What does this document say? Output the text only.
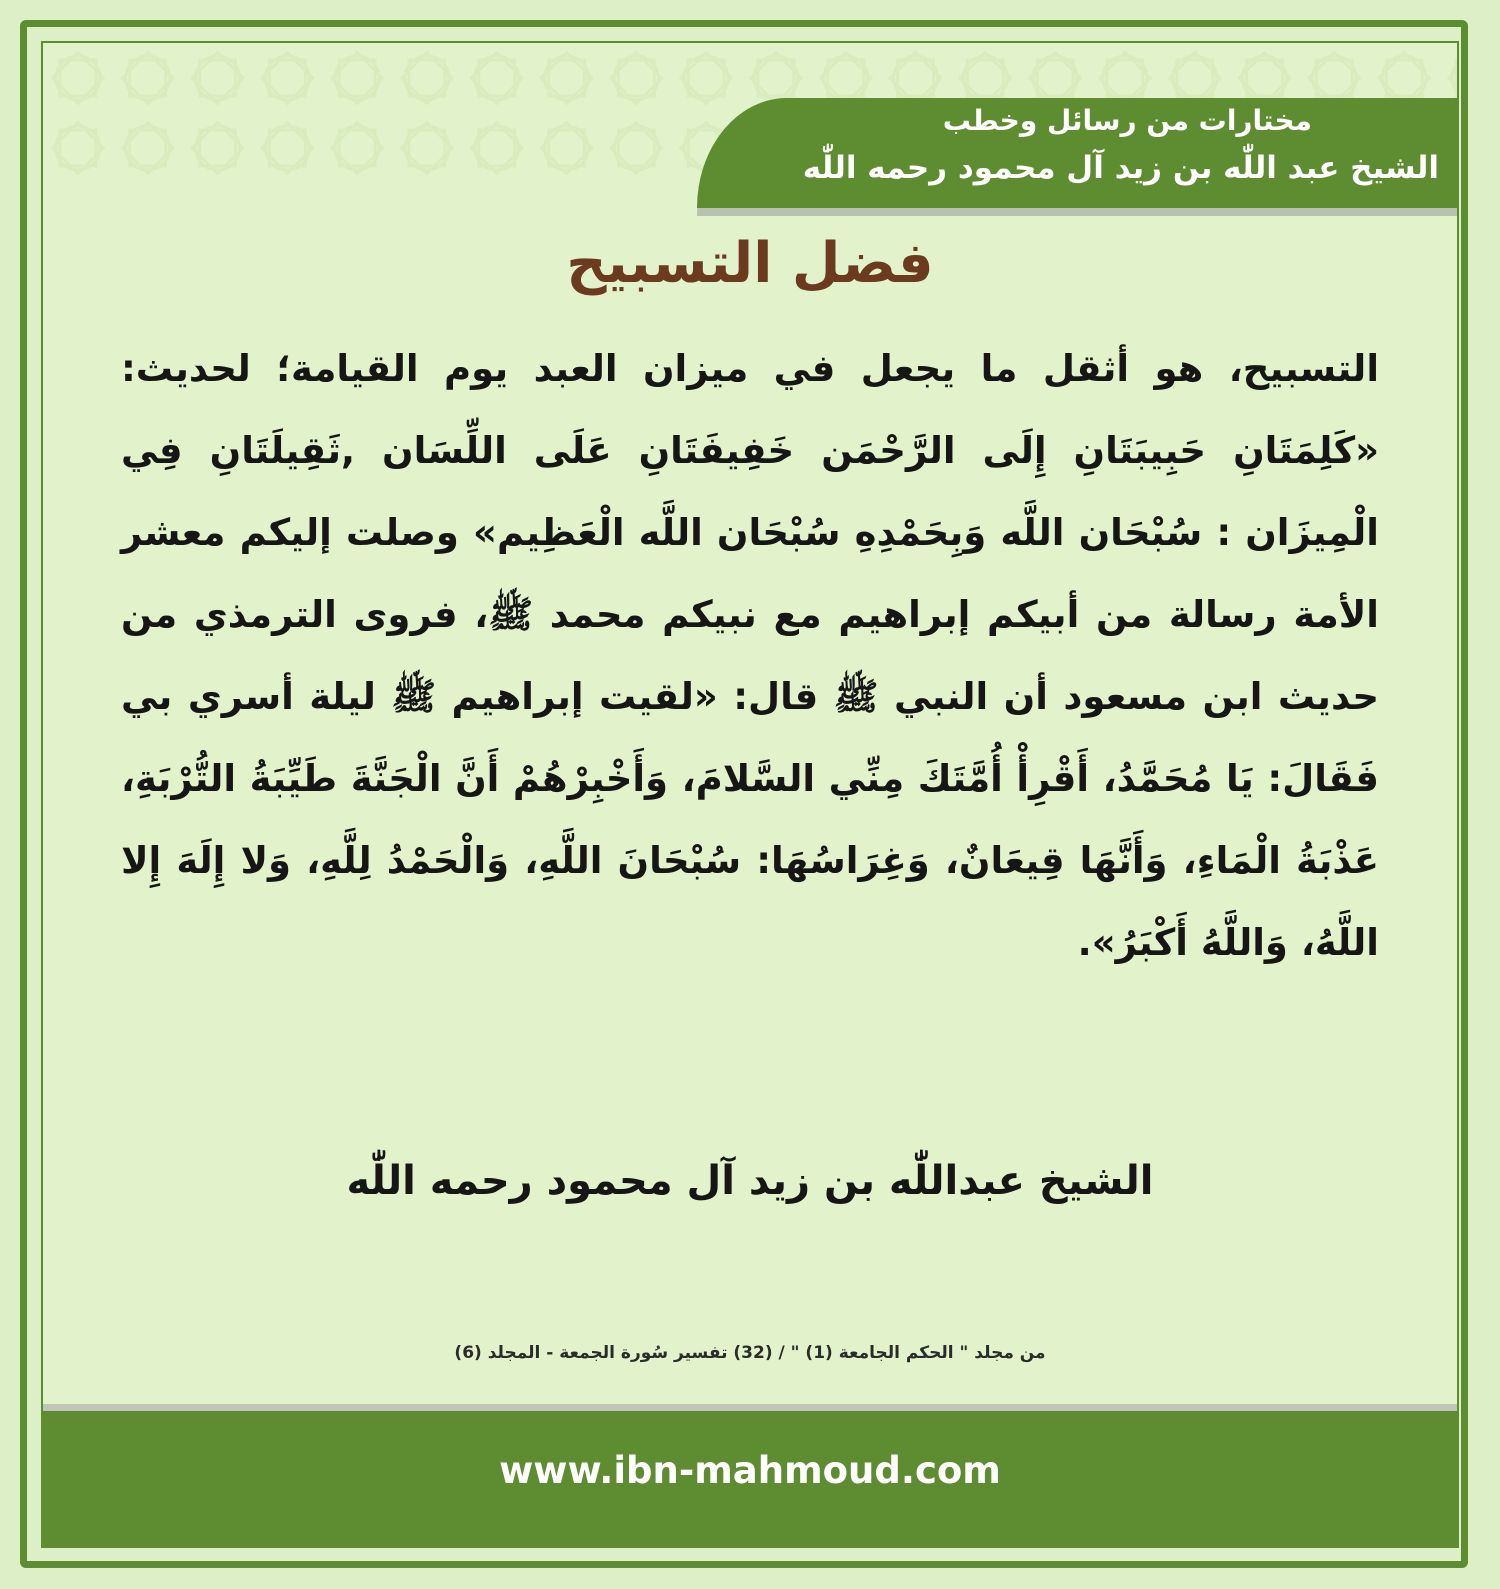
مختارات من رسائل وخطب
الشيخ عبد اللّٰه بن زيد آل محمود رحمه اللّٰه
فضل التسبيح
التسبيح، هو أثقل ما يجعل في ميزان العبد يوم القيامة؛ لحديث: «كَلِمَتَانِ حَبِيبَتَانِ إِلَى الرَّحْمَن خَفِيفَتَانِ عَلَى اللِّسَان ,ثَقِيلَتَانِ فِي الْمِيزَان : سُبْحَان اللَّه وَبِحَمْدِهِ سُبْحَان اللَّه الْعَظِيم» وصلت إليكم معشر الأمة رسالة من أبيكم إبراهيم مع نبيكم محمد ﷺ، فروى الترمذي من حديث ابن مسعود أن النبي ﷺ قال: «لقيت إبراهيم ﷺ ليلة أسري بي فَقَالَ: يَا مُحَمَّدُ، أَقْرِأْ أُمَّتَكَ مِنِّي السَّلامَ، وَأَخْبِرْهُمْ أَنَّ الْجَنَّةَ طَيِّبَةُ التُّرْبَةِ، عَذْبَةُ الْمَاءِ، وَأَنَّهَا قِيعَانٌ، وَغِرَاسُهَا: سُبْحَانَ اللَّهِ، وَالْحَمْدُ لِلَّهِ، وَلا إِلَهَ إِلا اللَّهُ، وَاللَّهُ أَكْبَرُ».
الشيخ عبداللّٰه بن زيد آل محمود رحمه اللّٰه
من مجلد " الحكم الجامعة (1) " / (32) تفسير سُورة الجمعة - المجلد (6)
www.ibn-mahmoud.com
